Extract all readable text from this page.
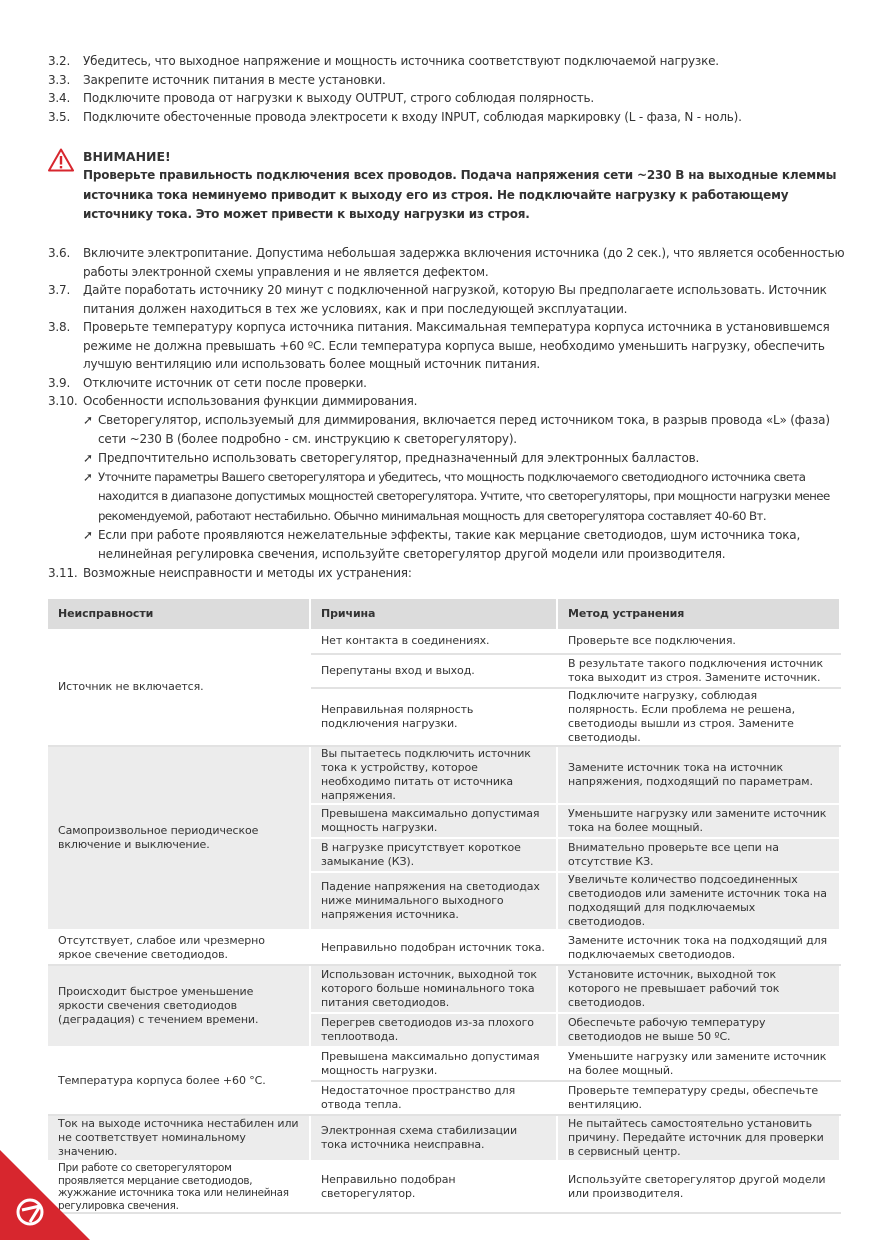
3.2.	Убедитесь, что выходное напряжение и мощность источника соответствуют подключаемой нагрузке.
3.3.	Закрепите источник питания в месте установки.
3.4.	Подключите провода от нагрузки к выходу OUTPUT, строго соблюдая полярность.
3.5.	Подключите обесточенные провода электросети к входу INPUT, соблюдая маркировку (L - фаза, N - ноль).
ВНИМАНИЕ!
Проверьте правильность подключения всех проводов. Подача напряжения сети ~230 В на выходные клеммы источника тока неминуемо приводит к выходу его из строя. Не подключайте нагрузку к работающему источнику тока. Это может привести к выходу нагрузки из строя.
3.6.	Включите электропитание. Допустима небольшая задержка включения источника (до 2 сек.), что является особенностью работы электронной схемы управления и не является дефектом.
3.7.	Дайте поработать источнику 20 минут с подключенной нагрузкой, которую Вы предполагаете использовать. Источник питания должен находиться в тех же условиях, как и при последующей эксплуатации.
3.8.	Проверьте температуру корпуса источника питания. Максимальная температура корпуса источника в установившемся режиме не должна превышать +60 ºС. Если температура корпуса выше, необходимо уменьшить нагрузку, обеспечить лучшую вентиляцию или использовать более мощный источник питания.
3.9.	Отключите источник от сети после проверки.
3.10. Особенности использования функции диммирования.
➚ Светорегулятор, используемый для диммирования, включается перед источником тока, в разрыв провода «L» (фаза) сети ~230 В (более подробно - см. инструкцию к светорегулятору).
➚ Предпочтительно использовать светорегулятор, предназначенный для электронных балластов.
➚ Уточните параметры Вашего светорегулятора и убедитесь, что мощность подключаемого светодиодного источника света находится в диапазоне допустимых мощностей светорегулятора. Учтите, что светорегуляторы, при мощности нагрузки менее рекомендуемой, работают нестабильно. Обычно минимальная мощность для светорегулятора составляет 40-60 Вт.
➚ Если при работе проявляются нежелательные эффекты, такие как мерцание светодиодов, шум источника тока, нелинейная регулировка свечения, используйте светорегулятор другой модели или производителя.
3.11. Возможные неисправности и методы их устранения:
Неисправности	Причина	Метод устранения
Источник не включается.	Нет контакта в соединениях.	Проверьте все подключения.
	Перепутаны вход и выход.	В результате такого подключения источник тока выходит из строя. Замените источник.
	Неправильная полярность подключения нагрузки.	Подключите нагрузку, соблюдая полярность. Если проблема не решена, светодиоды вышли из строя. Замените светодиоды.
Самопроизвольное периодическое включение и выключение.	Вы пытаетесь подключить источник тока к устройству, которое необходимо питать от источника напряжения.	Замените источник тока на источник напряжения, подходящий по параметрам.
	Превышена максимально допустимая мощность нагрузки.	Уменьшите нагрузку или замените источник тока на более мощный.
	В нагрузке присутствует короткое замыкание (КЗ).	Внимательно проверьте все цепи на отсутствие КЗ.
	Падение напряжения на светодиодах ниже минимального выходного напряжения источника.	Увеличьте количество подсоединенных светодиодов или замените источник тока на подходящий для подключаемых светодиодов.
Отсутствует, слабое или чрезмерно яркое свечение светодиодов.	Неправильно подобран источник тока.	Замените источник тока на подходящий для подключаемых светодиодов.
Происходит быстрое уменьшение яркости свечения светодиодов (деградация) с течением времени.	Использован источник, выходной ток которого больше номинального тока питания светодиодов.	Установите источник, выходной ток которого не превышает рабочий ток светодиодов.
	Перегрев светодиодов из-за плохого теплоотвода.	Обеспечьте рабочую температуру светодиодов не выше 50 ºС.
Температура корпуса более +60 °С.	Превышена максимально допустимая мощность нагрузки.	Уменьшите нагрузку или замените источник на более мощный.
	Недостаточное пространство для отвода тепла.	Проверьте температуру среды, обеспечьте вентиляцию.
Ток на выходе источника нестабилен или не соответствует номинальному значению.	Электронная схема стабилизации тока источника неисправна.	Не пытайтесь самостоятельно установить причину. Передайте источник для проверки в сервисный центр.
При работе со светорегулятором проявляется мерцание светодиодов, жужжание источника тока или нелинейная регулировка свечения.	Неправильно подобран светорегулятор.	Используйте светорегулятор другой модели или производителя.
